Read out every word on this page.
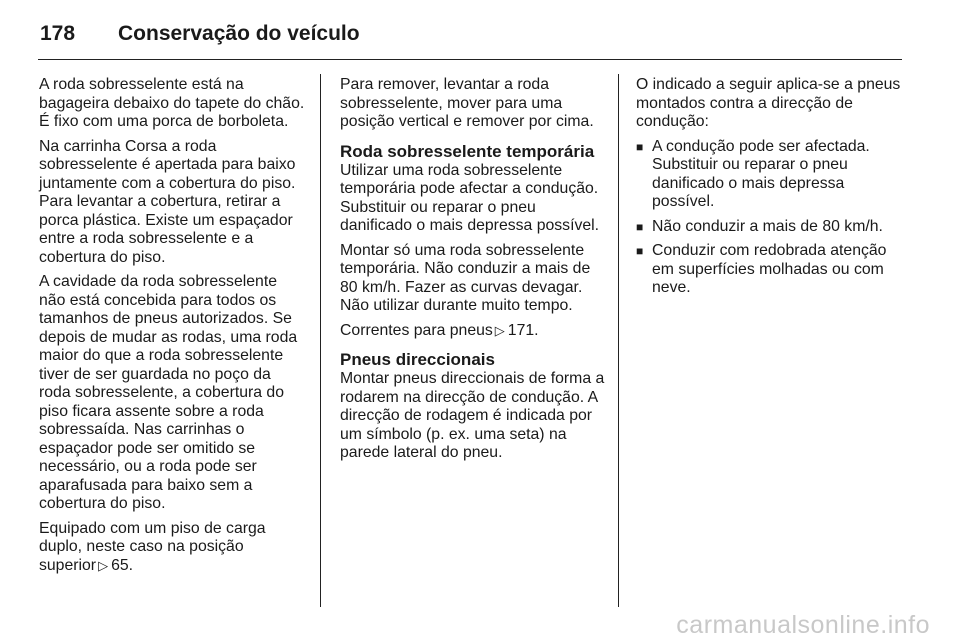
178	Conservação do veículo

A roda sobresselente está na bagageira debaixo do tapete do chão. É fixo com uma porca de borboleta.

Na carrinha Corsa a roda sobresselente é apertada para baixo juntamente com a cobertura do piso. Para levantar a cobertura, retirar a porca plástica. Existe um espaçador entre a roda sobresselente e a cobertura do piso.

A cavidade da roda sobresselente não está concebida para todos os tamanhos de pneus autorizados. Se depois de mudar as rodas, uma roda maior do que a roda sobresselente tiver de ser guardada no poço da roda sobresselente, a cobertura do piso ficara assente sobre a roda sobressaída. Nas carrinhas o espaçador pode ser omitido se necessário, ou a roda pode ser aparafusada para baixo sem a cobertura do piso.

Equipado com um piso de carga duplo, neste caso na posição superior ▷ 65.

Para remover, levantar a roda sobresselente, mover para uma posição vertical e remover por cima.

Roda sobresselente temporária

Utilizar uma roda sobresselente temporária pode afectar a condução. Substituir ou reparar o pneu danificado o mais depressa possível.

Montar só uma roda sobresselente temporária. Não conduzir a mais de 80 km/h. Fazer as curvas devagar. Não utilizar durante muito tempo.

Correntes para pneus ▷ 171.

Pneus direccionais

Montar pneus direccionais de forma a rodarem na direcção de condução. A direcção de rodagem é indicada por um símbolo (p. ex. uma seta) na parede lateral do pneu.

O indicado a seguir aplica-se a pneus montados contra a direcção de condução:

■ A condução pode ser afectada. Substituir ou reparar o pneu danificado o mais depressa possível.
■ Não conduzir a mais de 80 km/h.
■ Conduzir com redobrada atenção em superfícies molhadas ou com neve.
carmanualsonline.info
